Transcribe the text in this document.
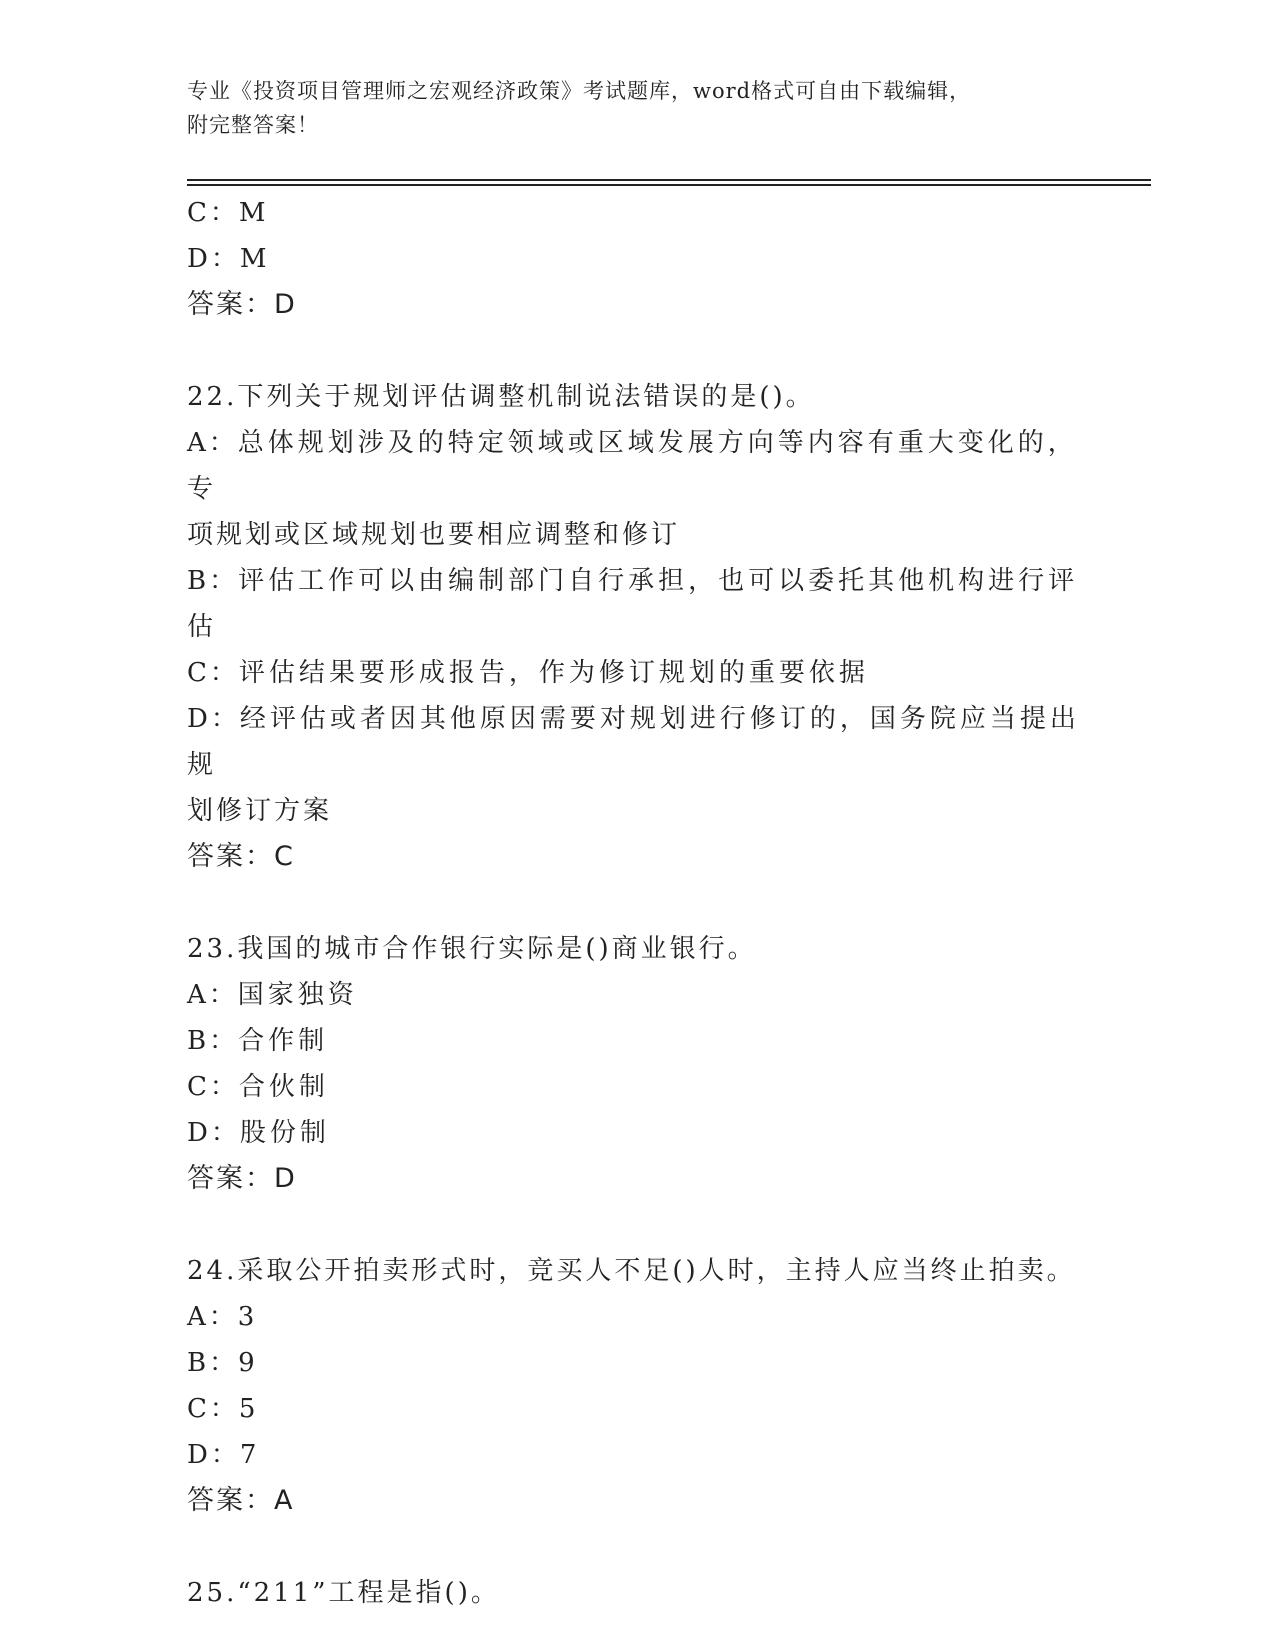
专业《投资项目管理师之宏观经济政策》考试题库，word格式可自由下载编辑，
附完整答案！

C：M

D：M

答案：D

22.下列关于规划评估调整机制说法错误的是()。

A：总体规划涉及的特定领域或区域发展方向等内容有重大变化的，专

项规划或区域规划也要相应调整和修订

B：评估工作可以由编制部门自行承担，也可以委托其他机构进行评估

C：评估结果要形成报告，作为修订规划的重要依据

D：经评估或者因其他原因需要对规划进行修订的，国务院应当提出规

划修订方案

答案：C

23.我国的城市合作银行实际是()商业银行。

A：国家独资

B：合作制

C：合伙制

D：股份制

答案：D

24.采取公开拍卖形式时，竞买人不足()人时，主持人应当终止拍卖。

A：3

B：9

C：5

D：7

答案：A

25.“211”工程是指()。
